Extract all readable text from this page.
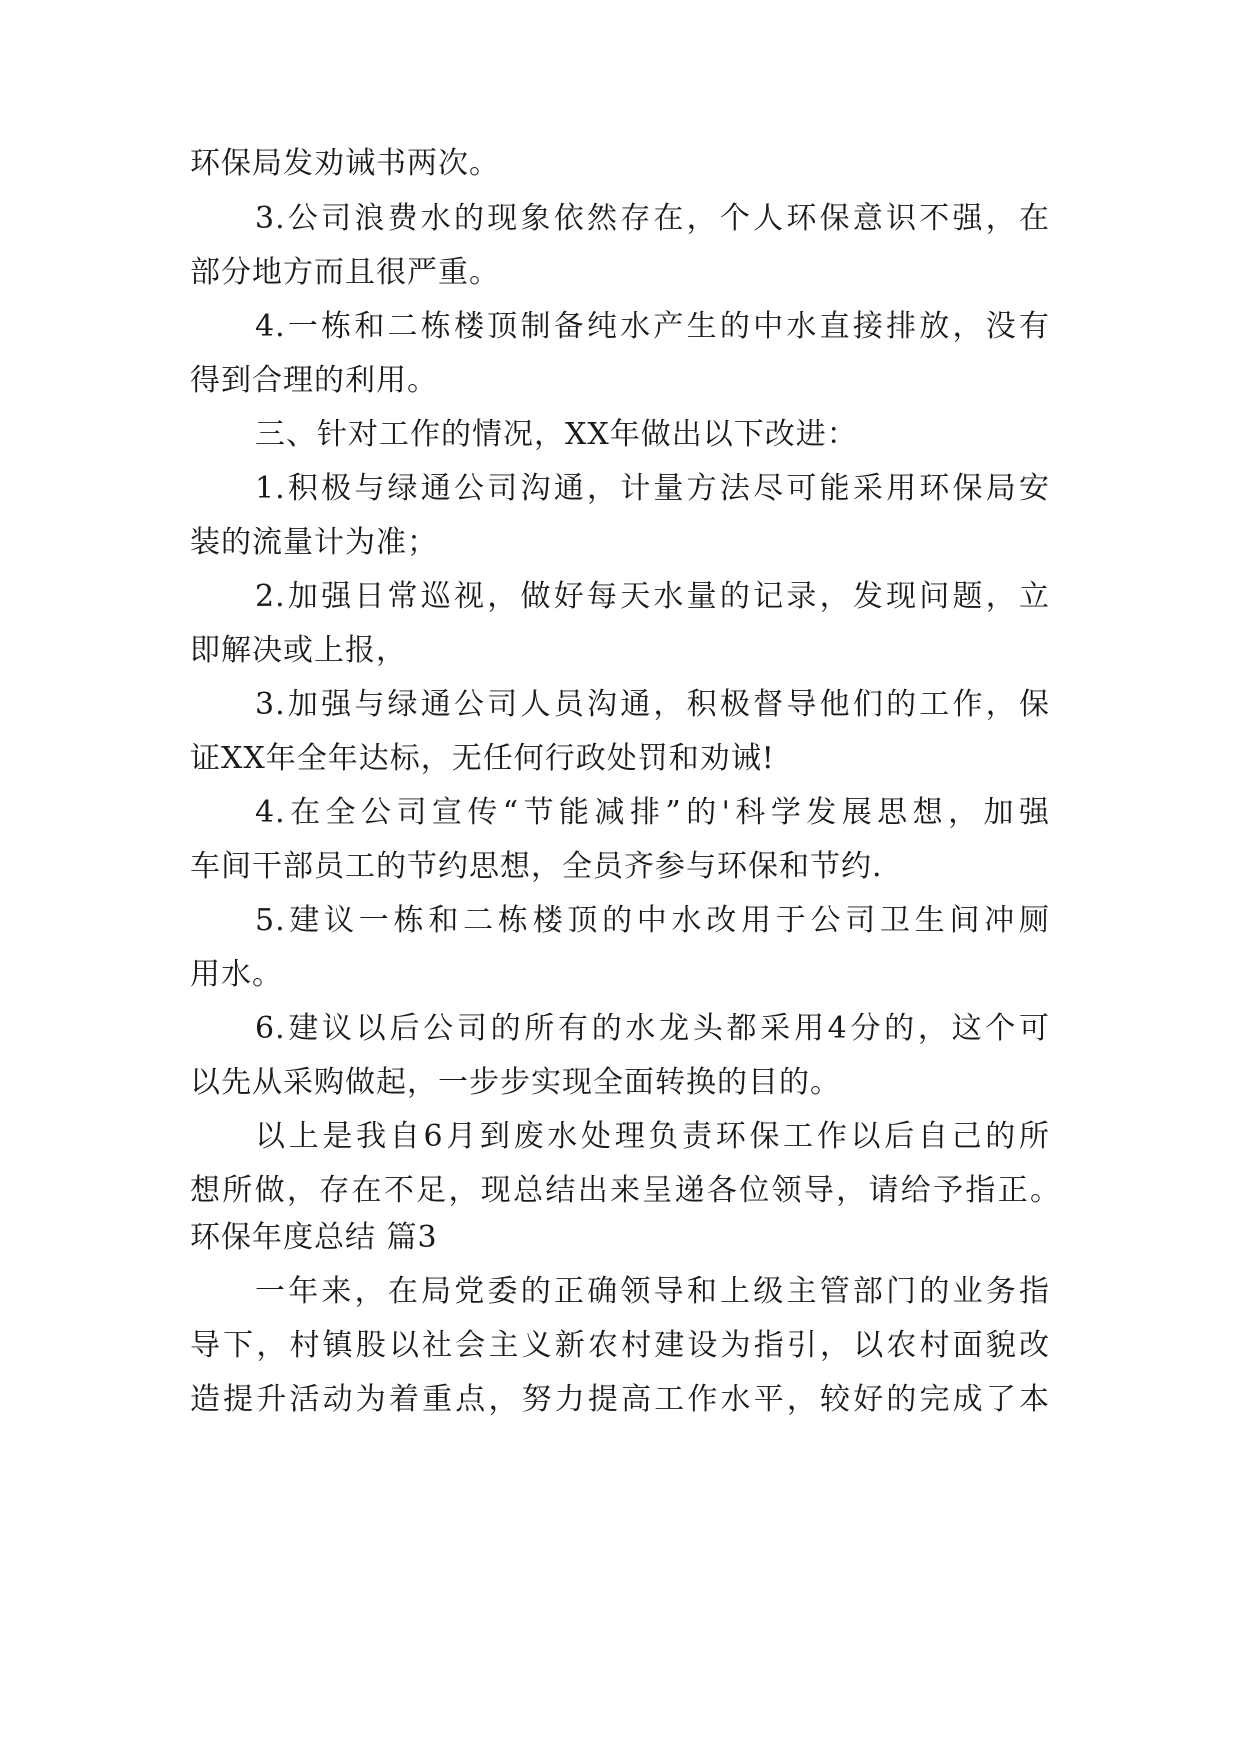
环保局发劝诫书两次。
3.公司浪费水的现象依然存在，个人环保意识不强，在
部分地方而且很严重。
4.一栋和二栋楼顶制备纯水产生的中水直接排放，没有
得到合理的利用。
三、针对工作的情况，XX年做出以下改进：
1.积极与绿通公司沟通，计量方法尽可能采用环保局安
装的流量计为准；
2.加强日常巡视，做好每天水量的记录，发现问题，立
即解决或上报，
3.加强与绿通公司人员沟通，积极督导他们的工作，保
证XX年全年达标，无任何行政处罚和劝诫!
4.在全公司宣传“节能减排”的'科学发展思想，加强
车间干部员工的节约思想，全员齐参与环保和节约.
5.建议一栋和二栋楼顶的中水改用于公司卫生间冲厕
用水。
6.建议以后公司的所有的水龙头都采用4分的，这个可
以先从采购做起，一步步实现全面转换的目的。
以上是我自6月到废水处理负责环保工作以后自己的所
想所做，存在不足，现总结出来呈递各位领导，请给予指正。
环保年度总结 篇3
一年来，在局党委的正确领导和上级主管部门的业务指
导下，村镇股以社会主义新农村建设为指引，以农村面貌改
造提升活动为着重点，努力提高工作水平，较好的完成了本
